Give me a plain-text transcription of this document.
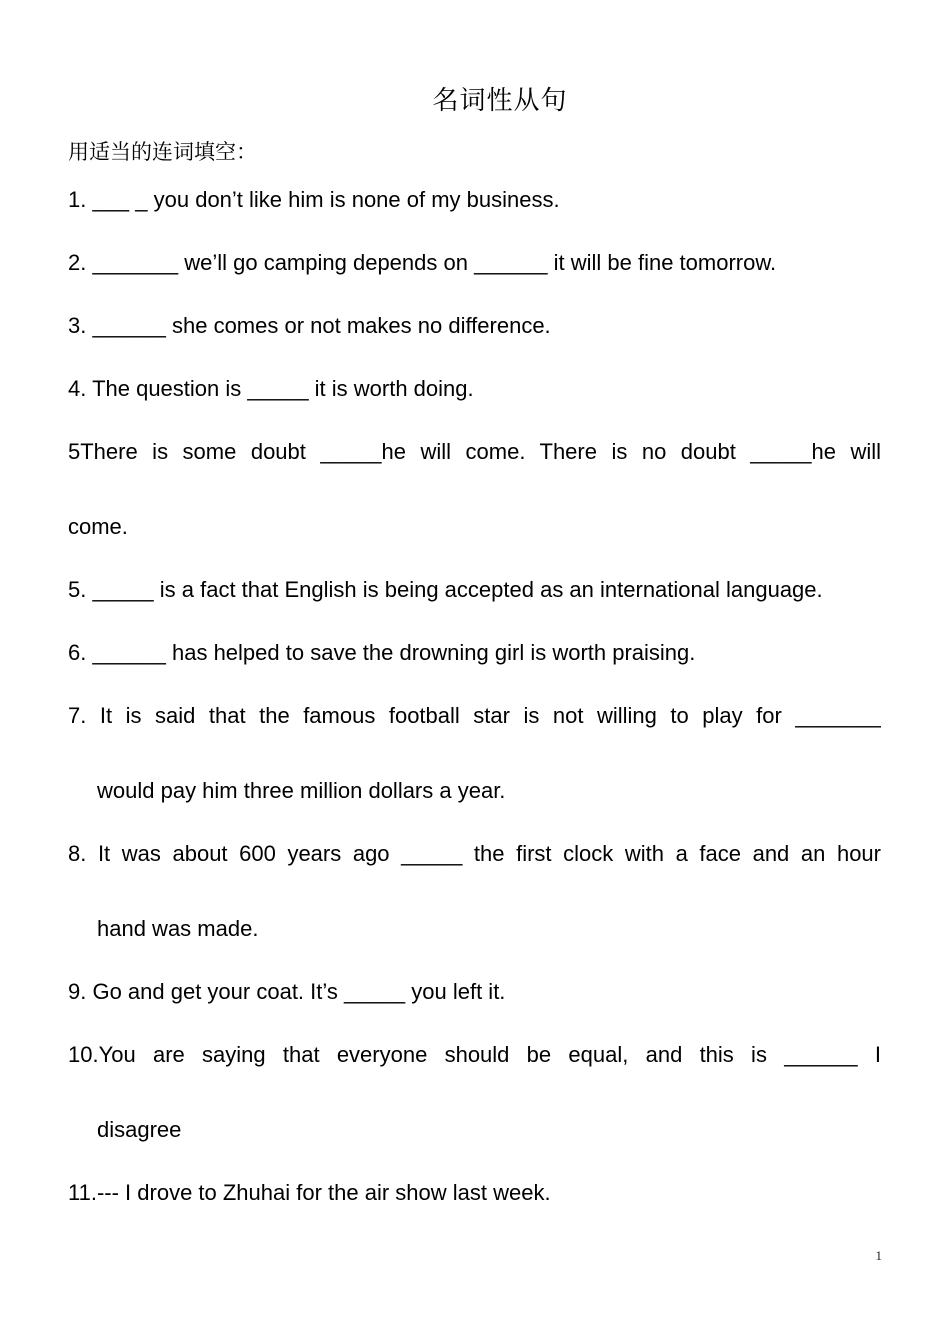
名词性从句
用适当的连词填空：
1. ___ _ you don’t like him is none of my business.
2. _______ we’ll go camping depends on ______ it will be fine tomorrow.
3. ______ she comes or not makes no difference.
4. The question is _____ it is worth doing.
5There is some doubt _____he will come. There is no doubt _____he will
come.
5. _____ is a fact that English is being accepted as an international language.
6. ______ has helped to save the drowning girl is worth praising.
7. It is said that the famous football star is not willing to play for _______
would pay him three million dollars a year.
8. It was about 600 years ago _____ the first clock with a face and an hour
hand was made.
9. Go and get your coat. It’s _____ you left it.
10.You are saying that everyone should be equal, and this is ______ I
disagree
11.--- I drove to Zhuhai for the air show last week.
1
